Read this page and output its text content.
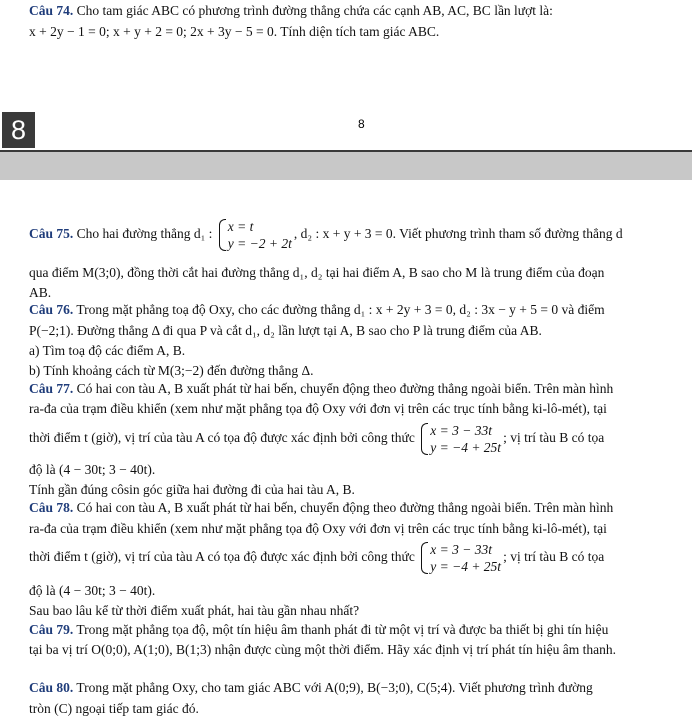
Câu 74. Cho tam giác ABC có phương trình đường thẳng chứa các cạnh AB, AC, BC lần lượt là:
x + 2y − 1 = 0; x + y + 2 = 0; 2x + 3y − 5 = 0. Tính diện tích tam giác ABC.
8	8
Câu 75. Cho hai đường thẳng d₁ : x = t
y = −2 + 2t
, d₂ : x + y + 3 = 0. Viết phương trình tham số đường thẳng d
qua điểm M(3;0), đồng thời cắt hai đường thẳng d₁, d₂ tại hai điểm A, B sao cho M là trung điểm của đoạn
AB.
Câu 76. Trong mặt phẳng toạ độ Oxy, cho các đường thẳng d₁ : x + 2y + 3 = 0, d₂ : 3x − y + 5 = 0 và điểm
P(−2;1). Đường thẳng Δ đi qua P và cắt d₁, d₂ lần lượt tại A, B sao cho P là trung điểm của AB.
a) Tìm toạ độ các điểm A, B.
b) Tính khoảng cách từ M(3;−2) đến đường thẳng Δ.
Câu 77. Có hai con tàu A, B xuất phát từ hai bến, chuyển động theo đường thẳng ngoài biển. Trên màn hình
ra-đa của trạm điều khiển (xem như mặt phẳng tọa độ Oxy với đơn vị trên các trục tính bằng ki-lô-mét), tại
thời điểm t (giờ), vị trí của tàu A có tọa độ được xác định bởi công thức x = 3 − 33t
y = −4 + 25t
; vị trí tàu B có tọa
độ là (4 − 30t; 3 − 40t).
Tính gần đúng côsin góc giữa hai đường đi của hai tàu A, B.
Câu 78. Có hai con tàu A, B xuất phát từ hai bến, chuyển động theo đường thẳng ngoài biển. Trên màn hình
ra-đa của trạm điều khiển (xem như mặt phẳng tọa độ Oxy với đơn vị trên các trục tính bằng ki-lô-mét), tại
thời điểm t (giờ), vị trí của tàu A có tọa độ được xác định bởi công thức x = 3 − 33t
y = −4 + 25t
; vị trí tàu B có tọa
độ là (4 − 30t; 3 − 40t).
Sau bao lâu kể từ thời điểm xuất phát, hai tàu gần nhau nhất?
Câu 79. Trong mặt phẳng tọa độ, một tín hiệu âm thanh phát đi từ một vị trí và được ba thiết bị ghi tín hiệu
tại ba vị trí O(0;0), A(1;0), B(1;3) nhận được cùng một thời điểm. Hãy xác định vị trí phát tín hiệu âm thanh.
Câu 80. Trong mặt phẳng Oxy, cho tam giác ABC với A(0;9), B(−3;0), C(5;4). Viết phương trình đường
tròn (C) ngoại tiếp tam giác đó.
